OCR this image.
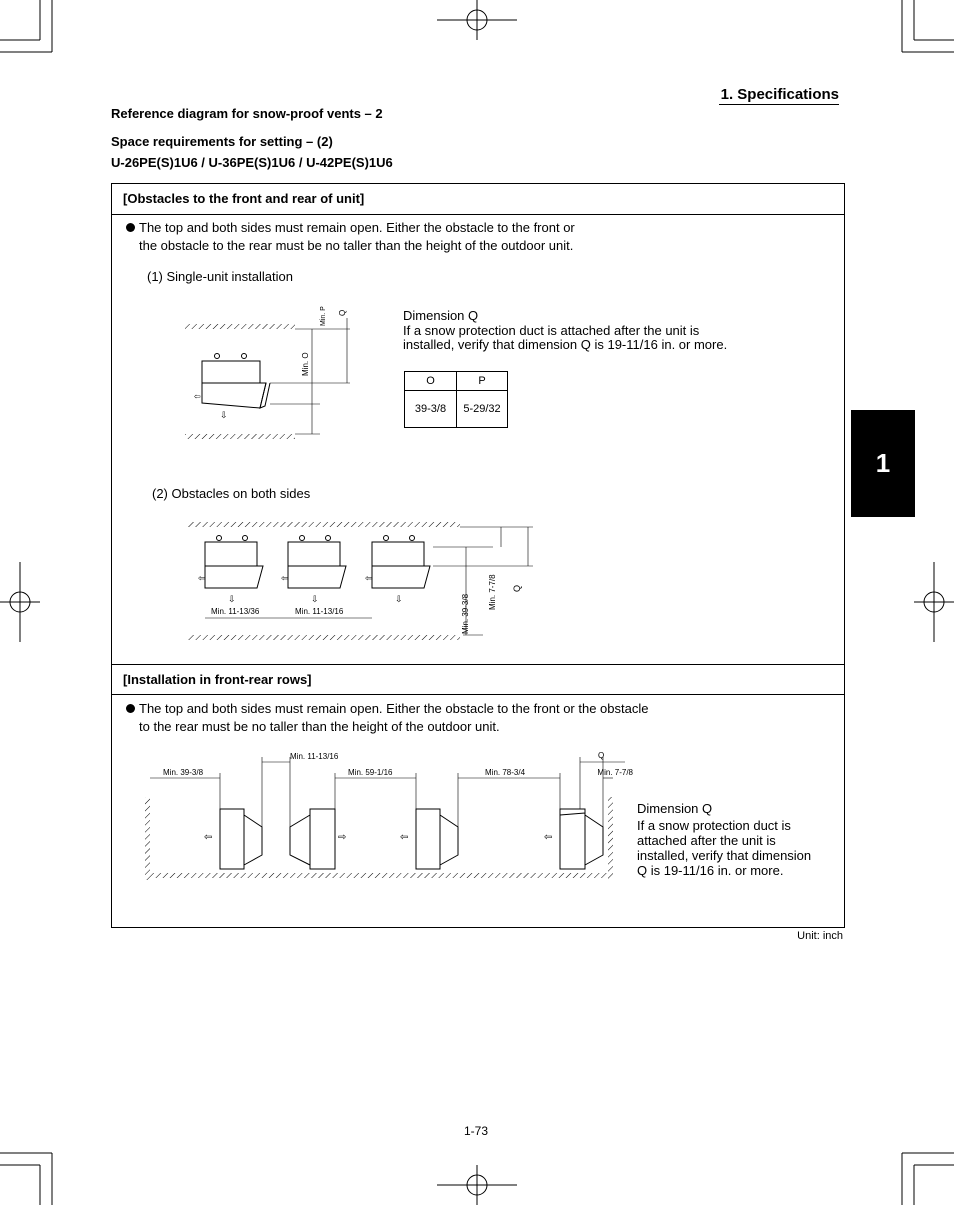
1. Specifications
Reference diagram for snow-proof vents – 2
Space requirements for setting – (2)
U-26PE(S)1U6 / U-36PE(S)1U6 / U-42PE(S)1U6
1
[Obstacles to the front and rear of unit]
The top and both sides must remain open. Either the obstacle to the front or
the obstacle to the rear must be no taller than the height of the outdoor unit.
(1) Single-unit installation
[Installation in front-rear rows]
The top and both sides must remain open. Either the obstacle to the front or the obstacle
to the rear must be no taller than the height of the outdoor unit.
⇦
⇩
Min. P Q
Min. O
Dimension Q
If a snow protection duct is attached after the unit is
installed, verify that dimension Q is 19-11/16 in. or more.
O	P
39-3/8	5-29/32
(2) Obstacles on both sides
⇦
⇩
⇦
⇩
⇦
⇩
Min. 11-13/36	Min. 11-13/16	Min. 39-3/8
Min. 7-7/8 Q
⇦	⇨	⇦	⇦
Min. 39-3/8
Min. 11-13/16
Min. 59-1/16	Min. 78-3/4
Q
Min. 7-7/8
Dimension Q
If a snow protection duct is
attached after the unit is
installed, verify that dimension
Q is 19-11/16 in. or more.
Unit: inch
1-73
